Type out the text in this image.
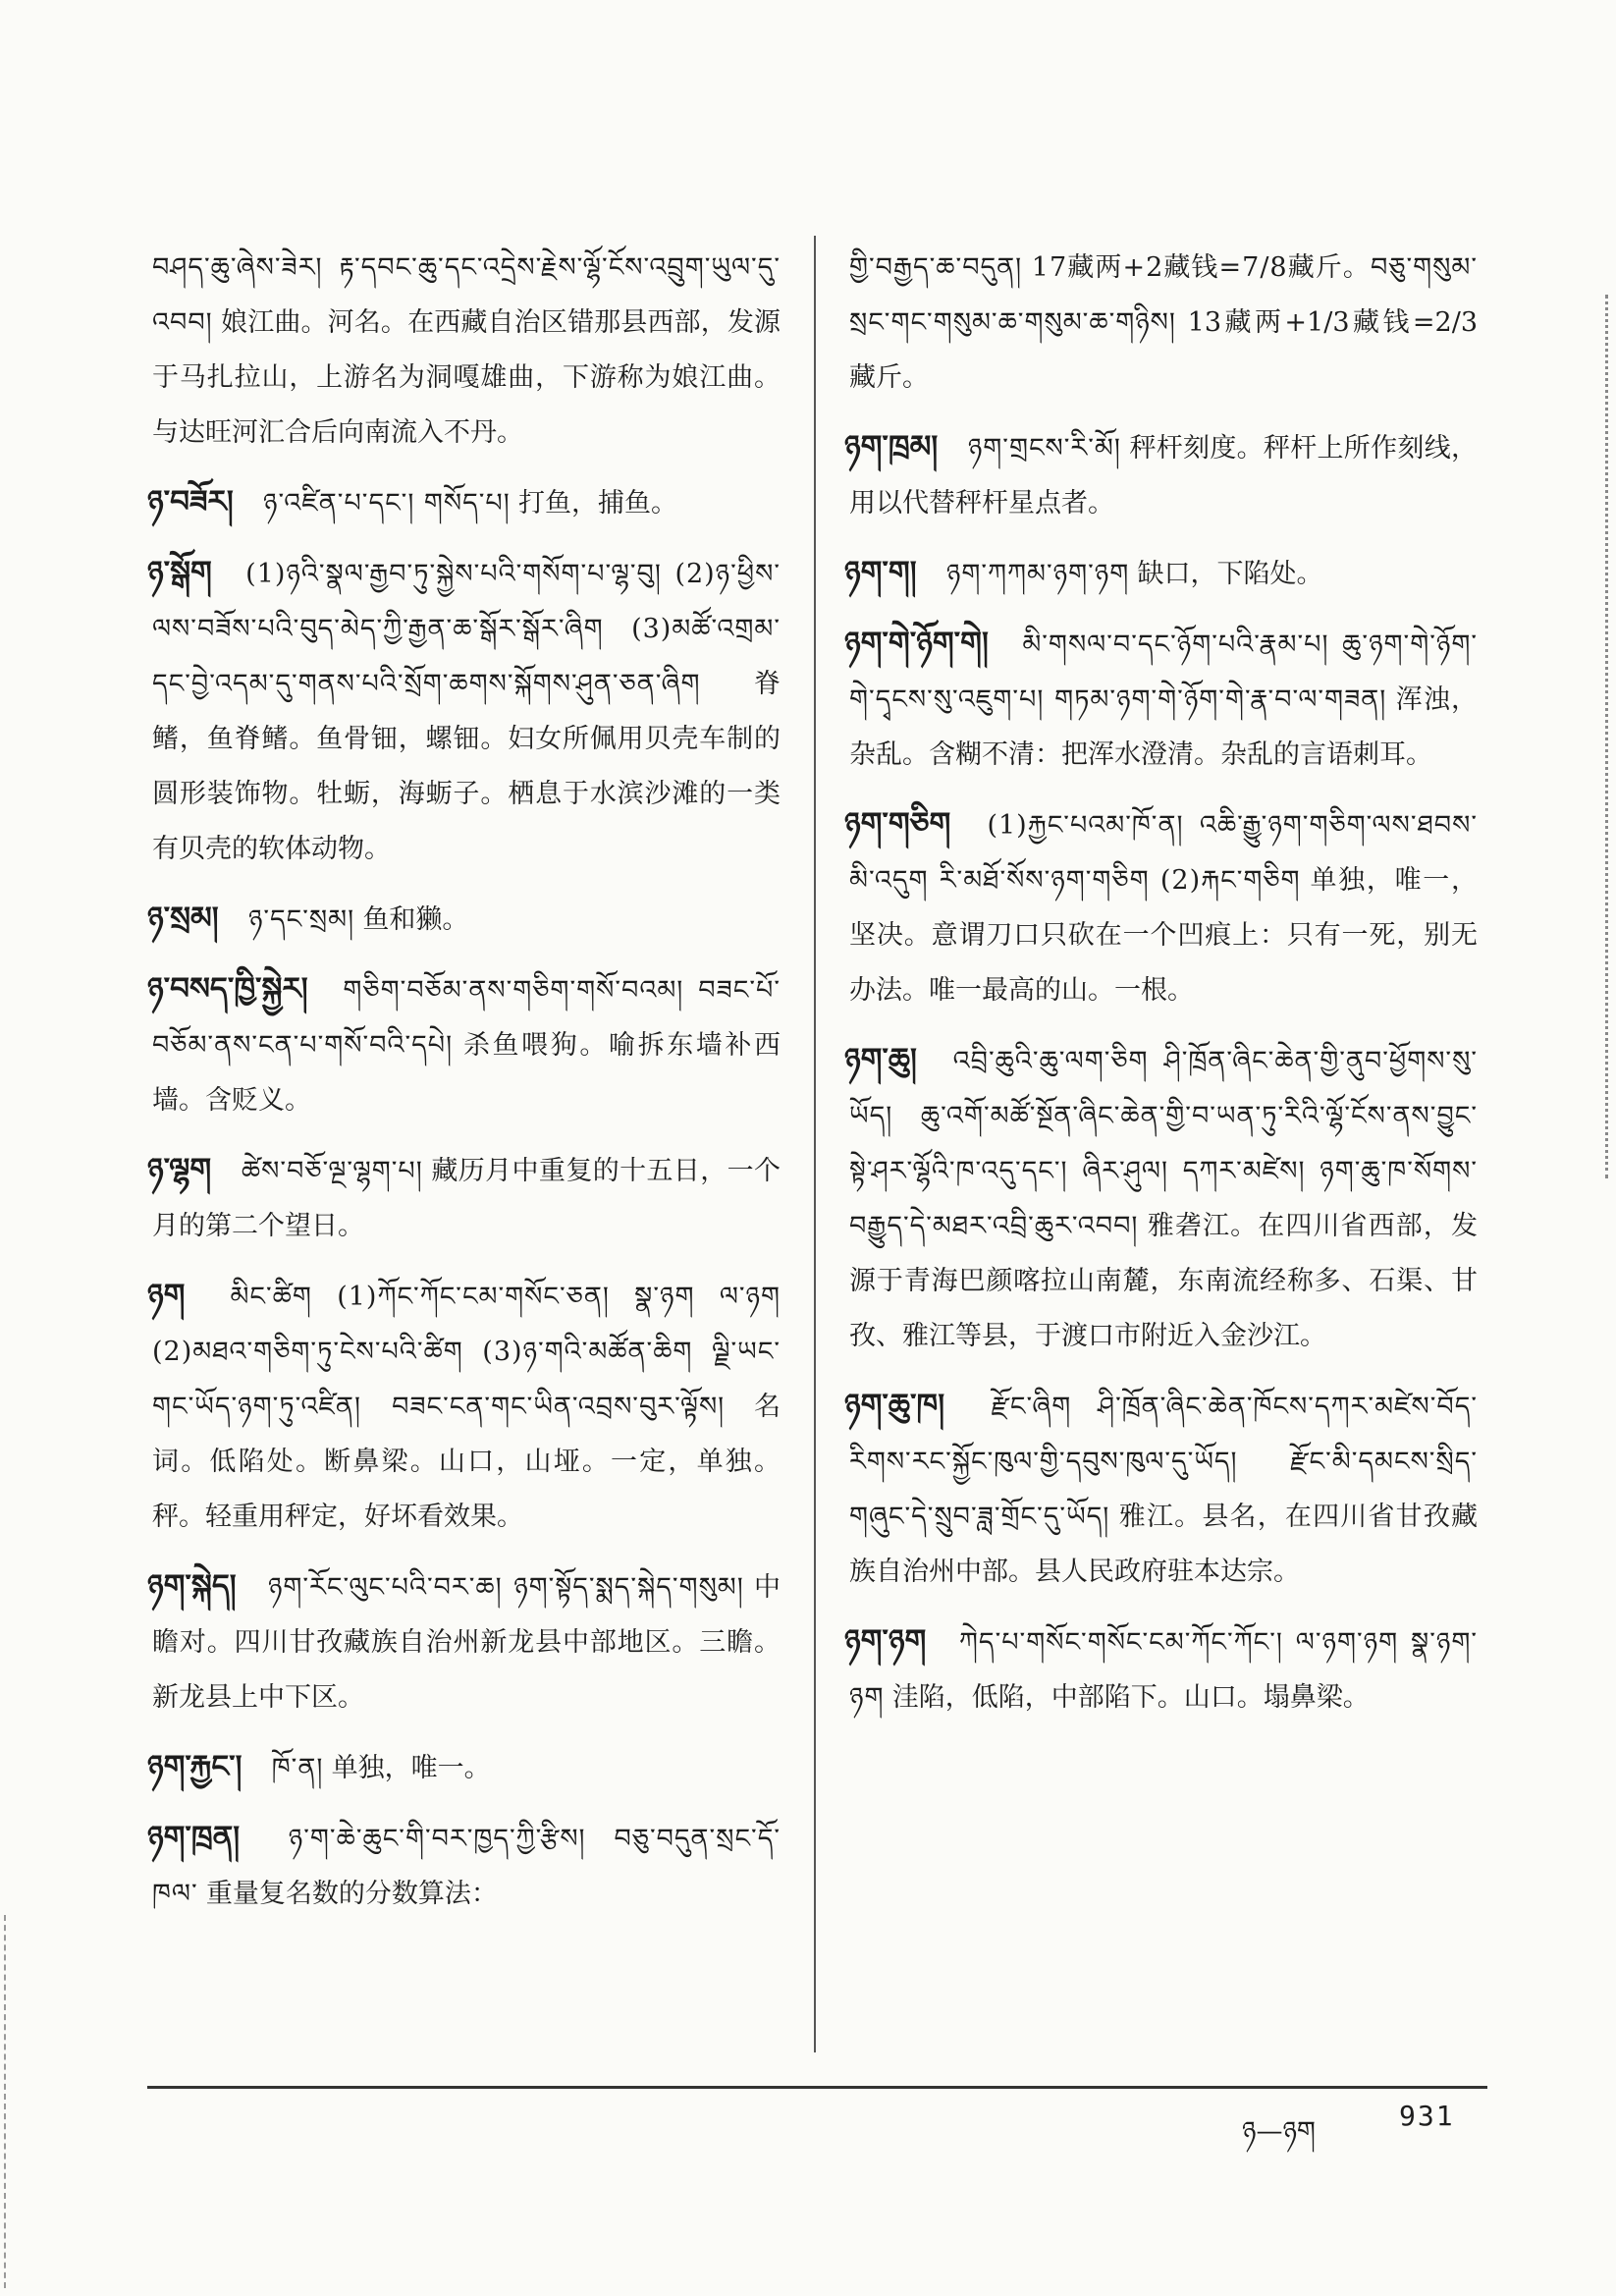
བཤད་ཆུ་ཞེས་ཟེར། རྟ་དབང་ཆུ་དང་འདྲེས་རྗེས་ལྷོ་ངོས་འབྲུག་ཡུལ་དུ་འབབ། 娘江曲。河名。在西藏自治区错那县西部，发源于马扎拉山，上游名为洞嘎雄曲，下游称为娘江曲。与达旺河汇合后向南流入不丹。
ཉ་བཟོར། ཉ་འཛིན་པ་དང་། གསོད་པ། 打鱼，捕鱼。
ཉ་སྒོག (1)ཉའི་སྣལ་རྒྱབ་ཏུ་སྐྱེས་པའི་གསོག་པ་ལྷ་བུ། (2)ཉ་ཕྱིས་ལས་བཟོས་པའི་བུད་མེད་ཀྱི་རྒྱན་ཆ་སྒོར་སྒོར་ཞིག (3)མཚོ་འགྲམ་དང་བྱེ་འདམ་དུ་གནས་པའི་སྲོག་ཆགས་སྐོགས་ཤུན་ཅན་ཞིག 脊鳍，鱼脊鳍。鱼骨钿，螺钿。妇女所佩用贝壳车制的圆形装饰物。牡蛎，海蛎子。栖息于水滨沙滩的一类有贝壳的软体动物。
ཉ་སྲམ། ཉ་དང་སྲམ། 鱼和獭。
ཉ་བསད་ཁྱི་སྐྱེར། གཅིག་བཅོམ་ནས་གཅིག་གསོ་བའམ། བཟང་པོ་བཅོམ་ནས་ངན་པ་གསོ་བའི་དཔེ། 杀鱼喂狗。喻拆东墙补西墙。含贬义。
ཉ་ལྷག ཚེས་བཅོ་ལྔ་ལྷག་པ། 藏历月中重复的十五日，一个月的第二个望日。
ཉག མིང་ཚིག (1)ཀོང་ཀོང་ངམ་གསོང་ཅན། སྣ་ཉག ལ་ཉག (2)མཐའ་གཅིག་ཏུ་ངེས་པའི་ཚིག (3)ཉ་གའི་མཚོན་ཆིག ལྗི་ཡང་གང་ཡོད་ཉག་ཏུ་འཛིན། བཟང་ངན་གང་ཡིན་འབྲས་བུར་ལྟོས། 名词。低陷处。断鼻梁。山口，山垭。一定，单独。秤。轻重用秤定，好坏看效果。
ཉག་སྐེད། ཉག་རོང་ལུང་པའི་བར་ཆ། ཉག་སྟོད་སྨད་སྐེད་གསུམ། 中瞻对。四川甘孜藏族自治州新龙县中部地区。三瞻。新龙县上中下区。
ཉག་རྐྱང་། ཁོ་ན། 单独，唯一。
ཉག་ཁྲན། ཉ་ག་ཆེ་ཆུང་གི་བར་ཁྱད་ཀྱི་རྩིས། བཅུ་བདུན་སྲང་དོ་ཁལ་ 重量复名数的分数算法：
གྱི་བརྒྱད་ཆ་བདུན། 17藏两+2藏钱=7/8藏斤。བཅུ་གསུམ་སྲང་གང་གསུམ་ཆ་གསུམ་ཆ་གཉིས། 13藏两+1/3藏钱=2/3藏斤。
ཉག་ཁྲམ། ཉག་གྲངས་རི་མོ། 秤杆刻度。秤杆上所作刻线，用以代替秤杆星点者。
ཉག་ག། ཉག་ཀཀམ་ཉག་ཉག 缺口，下陷处。
ཉག་གེ་ཉོག་གེ། མི་གསལ་བ་དང་ཉོག་པའི་རྣམ་པ། ཆུ་ཉག་གེ་ཉོག་གེ་དྭངས་སུ་འཇུག་པ། གཏམ་ཉག་གེ་ཉོག་གེ་རྣ་བ་ལ་གཟན། 浑浊，杂乱。含糊不清：把浑水澄清。杂乱的言语刺耳。
ཉག་གཅིག (1)རྐྱང་པའམ་ཁོ་ན། འཆི་རྒྱུ་ཉག་གཅིག་ལས་ཐབས་མི་འདུག རི་མཐོ་སོས་ཉག་གཅིག (2)རྐང་གཅིག 单独，唯一，坚决。意谓刀口只砍在一个凹痕上：只有一死，别无办法。唯一最高的山。一根。
ཉག་ཆུ། འབྲི་ཆུའི་ཆུ་ལག་ཅིག ཤི་ཁྲོན་ཞིང་ཆེན་གྱི་ནུབ་ཕྱོགས་སུ་ཡོད། ཆུ་འགོ་མཚོ་སྔོན་ཞིང་ཆེན་གྱི་བ་ཡན་ཏུ་རིའི་ལྷོ་ངོས་ནས་བྱུང་སྟེ་ཤར་ལྷོའི་ཁ་འདུ་དང་། ཞིར་ཤུལ། དཀར་མཛེས། ཉག་ཆུ་ཁ་སོགས་བརྒྱུད་དེ་མཐར་འབྲི་ཆུར་འབབ། 雅砻江。在四川省西部，发源于青海巴颜喀拉山南麓，东南流经称多、石渠、甘孜、雅江等县，于渡口市附近入金沙江。
ཉག་ཆུ་ཁ། རྫོང་ཞིག ཤི་ཁྲོན་ཞིང་ཆེན་ཁོངས་དཀར་མཛེས་བོད་རིགས་རང་སྐྱོང་ཁུལ་གྱི་དབུས་ཁུལ་དུ་ཡོད། རྫོང་མི་དམངས་སྲིད་གཞུང་དེ་སྲུབ་ཟླ་གྲོང་དུ་ཡོད། 雅江。县名，在四川省甘孜藏族自治州中部。县人民政府驻本达宗。
ཉག་ཉག ཀེད་པ་གསོང་གསོང་ངམ་ཀོང་ཀོང་། ལ་ཉག་ཉག སྣ་ཉག་ཉག 洼陷，低陷，中部陷下。山口。塌鼻梁。
ཉ—ཉག	931
